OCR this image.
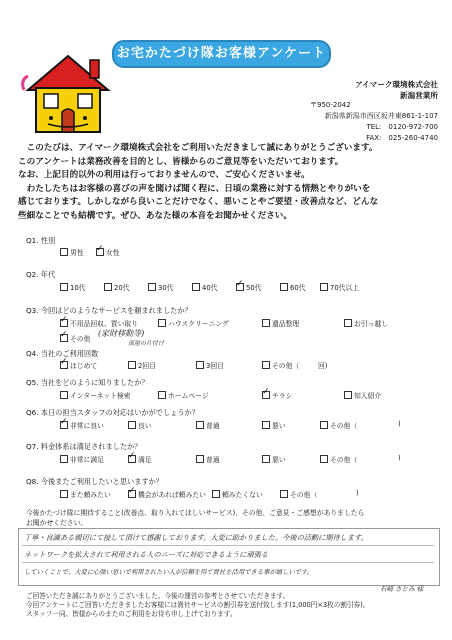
お宅かたづけ隊お客様アンケート
アイマーク環境株式会社
新潟営業所
〒950-2042
新潟県新潟市西区坂井東861-1-107
TEL:　0120-972-700
FAX:　025-260-4740
　このたびは、アイマーク環境株式会社をご利用いただきまして誠にありがとうございます。
このアンケートは業務改善を目的とし、皆様からのご意見等をいただいております。
なお、上記目的以外の利用は行っておりませんので、ご安心くださいませ。
　わたしたちはお客様の喜びの声を聞けば聞く程に、日頃の業務に対する情熱とやりがいを
感じております。しかしながら良いことだけでなく、悪いことやご要望・改善点など、どんな
些細なことでも結構です。ぜひ、あなた様の本音をお聞かせください。
Q1. 性別
男性 ✓	女性
Q2. 年代
10代	20代	30代	40代 ✓	50代	60代	70代以上
Q3. 今回はどのようなサービスを頼まれましたか？
✓
不用品回収、買い取り	ハウスクリーニング	遺品整理	お引っ越し
✓
その他
(家財移動等)
部屋の片付け
Q4. 当社のご利用回数
✓
はじめて	2回目	3回目	その他（	回)
Q5. 当社をどのように知りましたか？
インターネット検索	ホームページ ✓	チラシ	知人紹介
Q6. 本日の担当スタッフの対応はいかがでしょうか？
✓
非常に良い	良い	普通	悪い	その他（	)
Q7. 料金体系は満足されましたか？
非常に満足 ✓	満足	普通	悪い	その他（	)
Q8. 今後またご利用したいと思いますか？
また頼みたい ✓	機会があれば頼みたい 頼みたくない	その他（	)
今後かたづけ隊に期待すること(改善点、取り入れてほしいサービス)、その他、ご意見・ご感想がありましたら
お聞かせください。
丁寧・良識ある親切にて接して頂けて感謝しております。大変に助かりました。今後の活動に期待します。
ネットワークを拡大されて利用される人のニーズに対応できるように頑張る
していくことで、大変に心強い思いで利用されたい人が信頼を得て貴社を活用できる事が嬉しいです。
石崎 さとみ 様
ご回答いただき誠にありがとうございました。今後の運営の参考とさせていただきます。
今回アンケートにご回答いただきましたお客様には貴社サービスの割引券を送付致します(1,000円×3枚の割引券)。
スタッフ一同、皆様からのまたのご利用をお待ち申し上げております。
